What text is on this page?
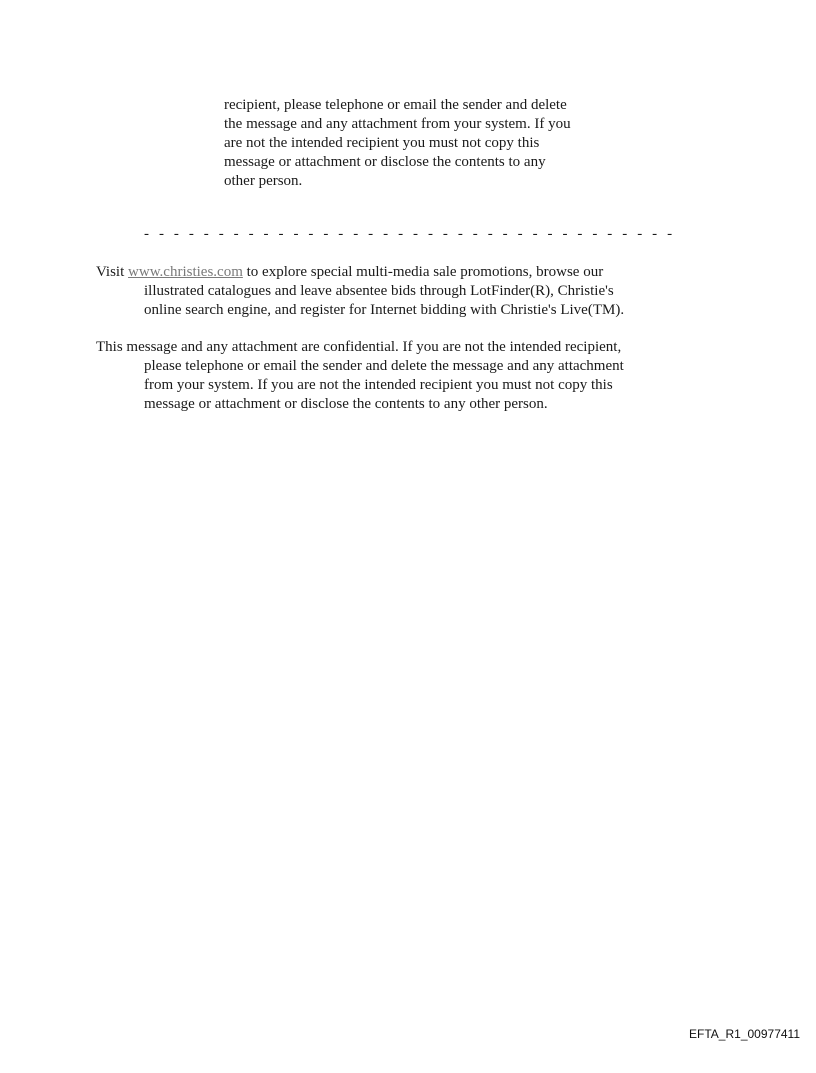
recipient, please telephone or email the sender and delete
the message and any attachment from your system. If you
are not the intended recipient you must not copy this
message or attachment or disclose the contents to any
other person.
- - - - - - - - - - - - - - - - - - - - - - - - - - - - - - - - - - - -
Visit www.christies.com to explore special multi-media sale promotions, browse our
illustrated catalogues and leave absentee bids through LotFinder(R), Christie's
online search engine, and register for Internet bidding with Christie's Live(TM).
This message and any attachment are confidential. If you are not the intended recipient,
please telephone or email the sender and delete the message and any attachment
from your system. If you are not the intended recipient you must not copy this
message or attachment or disclose the contents to any other person.
EFTA_R1_00977411
